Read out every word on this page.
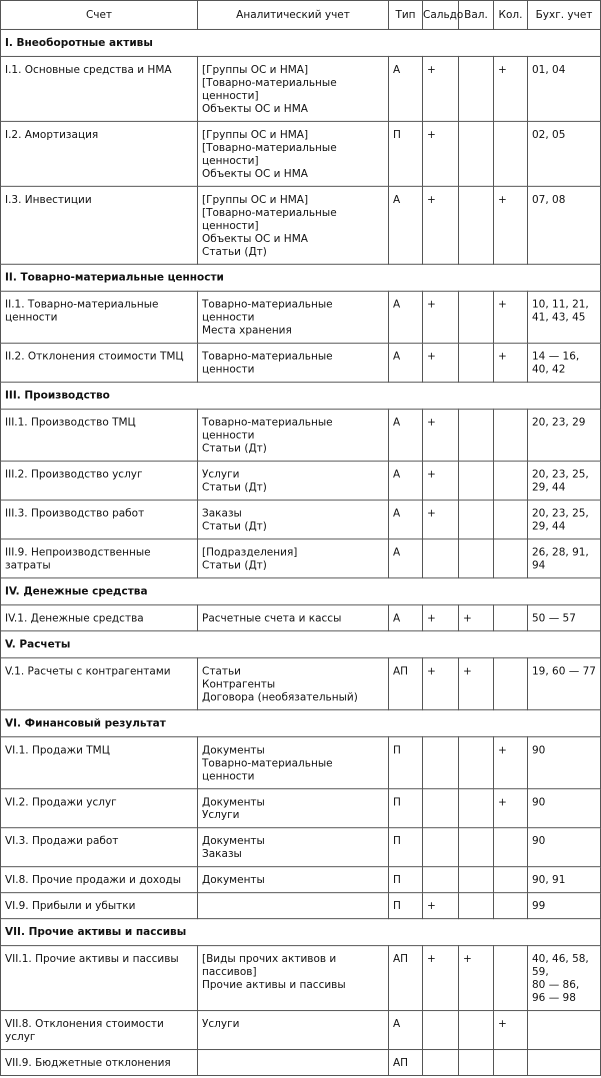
Счет	Аналитический учет	Тип	Сальдо	Вал.	Кол.	Бухг. учет
I. Внеоборотные активы						
I.1. Основные средства и НМА	[Группы ОС и НМА]
[Товарно-материальные ценности]
Объекты ОС и НМА	А	+		+	01, 04
I.2. Амортизация	[Группы ОС и НМА]
[Товарно-материальные ценности]
Объекты ОС и НМА	П	+			02, 05
I.3. Инвестиции	[Группы ОС и НМА]
[Товарно-материальные ценности]
Объекты ОС и НМА
Статьи (Дт)	А	+		+	07, 08
II. Товарно-материальные ценности						
II.1. Товарно-материальные ценности	Товарно-материальные ценности
Места хранения	А	+		+	10, 11, 21, 41, 43, 45
II.2. Отклонения стоимости ТМЦ	Товарно-материальные ценности	А	+		+	14 — 16, 40, 42
III. Производство						
III.1. Производство ТМЦ	Товарно-материальные ценности
Статьи (Дт)	А	+			20, 23, 29
III.2. Производство услуг	Услуги
Статьи (Дт)	А	+			20, 23, 25, 29, 44
III.3. Производство работ	Заказы
Статьи (Дт)	А	+			20, 23, 25, 29, 44
III.9. Непроизводственные затраты	[Подразделения]
Статьи (Дт)	А				26, 28, 91, 94
IV. Денежные средства						
IV.1. Денежные средства	Расчетные счета и кассы	А	+	+		50 — 57
V. Расчеты						
V.1. Расчеты с контрагентами	Статьи
Контрагенты
Договора (необязательный)	АП	+	+		19, 60 — 77
VI. Финансовый результат						
VI.1. Продажи ТМЦ	Документы
Товарно-материальные ценности	П			+	90
VI.2. Продажи услуг	Документы
Услуги	П			+	90
VI.3. Продажи работ	Документы
Заказы	П				90
VI.8. Прочие продажи и доходы	Документы	П				90, 91
VI.9. Прибыли и убытки		П	+			99
VII. Прочие активы и пассивы						
VII.1. Прочие активы и пассивы	[Виды прочих активов и пассивов]
Прочие активы и пассивы	АП	+	+		40, 46, 58, 59,
80 — 86,
96 — 98
VII.8. Отклонения стоимости услуг	Услуги	А			+	
VII.9. Бюджетные отклонения		АП				
